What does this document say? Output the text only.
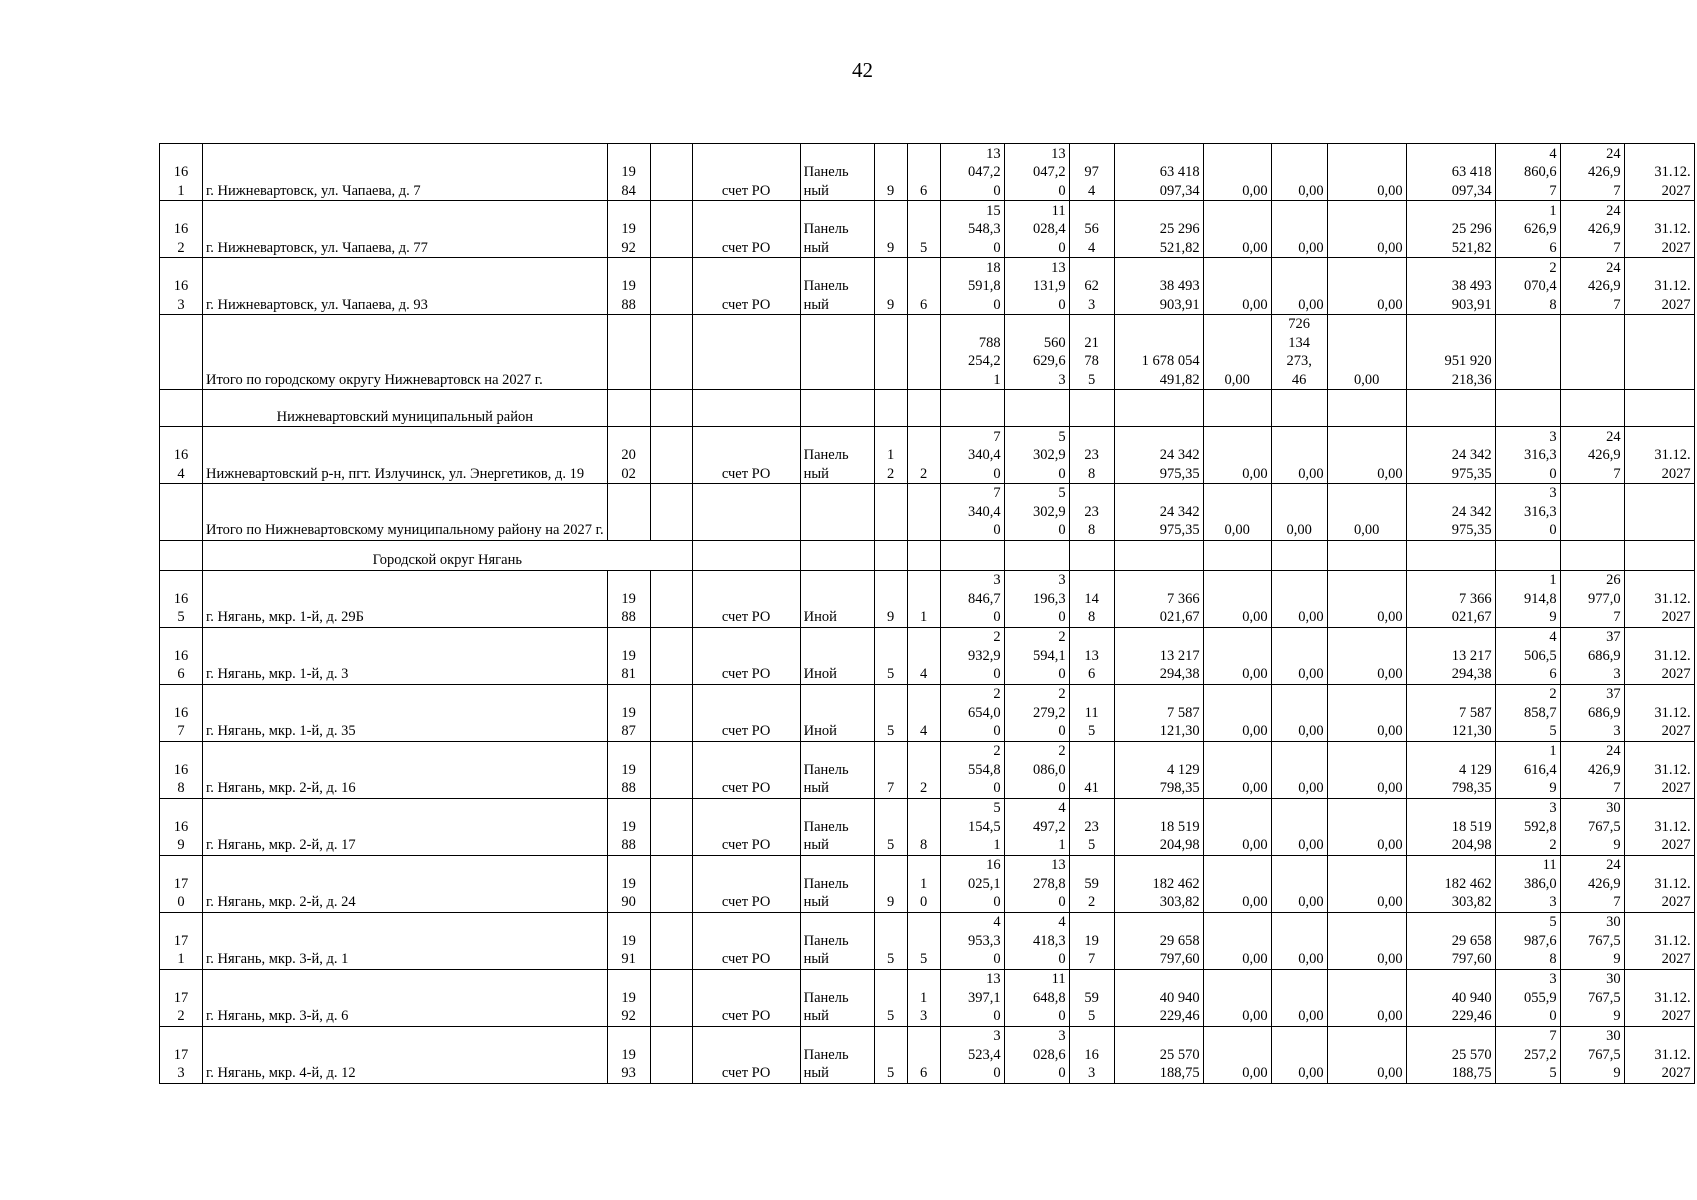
42
16
1	г. Нижневартовск, ул. Чапаева, д. 7	19
84		счет РО	Панель
ный	9	6	13
047,2
0	13
047,2
0	97
4	63 418
097,34	0,00	0,00	0,00	63 418
097,34	4
860,6
7	24
426,9
7	31.12.
2027
16
2	г. Нижневартовск, ул. Чапаева, д. 77	19
92		счет РО	Панель
ный	9	5	15
548,3
0	11
028,4
0	56
4	25 296
521,82	0,00	0,00	0,00	25 296
521,82	1
626,9
6	24
426,9
7	31.12.
2027
16
3	г. Нижневартовск, ул. Чапаева, д. 93	19
88		счет РО	Панель
ный	9	6	18
591,8
0	13
131,9
0	62
3	38 493
903,91	0,00	0,00	0,00	38 493
903,91	2
070,4
8	24
426,9
7	31.12.
2027
	Итого по городскому округу Нижневартовск на 2027 г.							788
254,2
1	560
629,6
3	21
78
5	1 678 054
491,82	0,00	726
134
273,
46	0,00	951 920
218,36			
	Нижневартовский муниципальный район																	
16
4	Нижневартовский р-н, пгт. Излучинск, ул. Энергетиков, д. 19	20
02		счет РО	Панель
ный	1
2	2	7
340,4
0	5
302,9
0	23
8	24 342
975,35	0,00	0,00	0,00	24 342
975,35	3
316,3
0	24
426,9
7	31.12.
2027
	Итого по Нижневартовскому муниципальному району на 2027 г.							7
340,4
0	5
302,9
0	23
8	24 342
975,35	0,00	0,00	0,00	24 342
975,35	3
316,3
0		
	Городской округ Нягань																	
16
5	г. Нягань, мкр. 1-й, д. 29Б	19
88		счет РО	Иной	9	1	3
846,7
0	3
196,3
0	14
8	7 366
021,67	0,00	0,00	0,00	7 366
021,67	1
914,8
9	26
977,0
7	31.12.
2027
16
6	г. Нягань, мкр. 1-й, д. 3	19
81		счет РО	Иной	5	4	2
932,9
0	2
594,1
0	13
6	13 217
294,38	0,00	0,00	0,00	13 217
294,38	4
506,5
6	37
686,9
3	31.12.
2027
16
7	г. Нягань, мкр. 1-й, д. 35	19
87		счет РО	Иной	5	4	2
654,0
0	2
279,2
0	11
5	7 587
121,30	0,00	0,00	0,00	7 587
121,30	2
858,7
5	37
686,9
3	31.12.
2027
16
8	г. Нягань, мкр. 2-й, д. 16	19
88		счет РО	Панель
ный	7	2	2
554,8
0	2
086,0
0	41	4 129
798,35	0,00	0,00	0,00	4 129
798,35	1
616,4
9	24
426,9
7	31.12.
2027
16
9	г. Нягань, мкр. 2-й, д. 17	19
88		счет РО	Панель
ный	5	8	5
154,5
1	4
497,2
1	23
5	18 519
204,98	0,00	0,00	0,00	18 519
204,98	3
592,8
2	30
767,5
9	31.12.
2027
17
0	г. Нягань, мкр. 2-й, д. 24	19
90		счет РО	Панель
ный	9	1
0	16
025,1
0	13
278,8
0	59
2	182 462
303,82	0,00	0,00	0,00	182 462
303,82	11
386,0
3	24
426,9
7	31.12.
2027
17
1	г. Нягань, мкр. 3-й, д. 1	19
91		счет РО	Панель
ный	5	5	4
953,3
0	4
418,3
0	19
7	29 658
797,60	0,00	0,00	0,00	29 658
797,60	5
987,6
8	30
767,5
9	31.12.
2027
17
2	г. Нягань, мкр. 3-й, д. 6	19
92		счет РО	Панель
ный	5	1
3	13
397,1
0	11
648,8
0	59
5	40 940
229,46	0,00	0,00	0,00	40 940
229,46	3
055,9
0	30
767,5
9	31.12.
2027
17
3	г. Нягань, мкр. 4-й, д. 12	19
93		счет РО	Панель
ный	5	6	3
523,4
0	3
028,6
0	16
3	25 570
188,75	0,00	0,00	0,00	25 570
188,75	7
257,2
5	30
767,5
9	31.12.
2027
